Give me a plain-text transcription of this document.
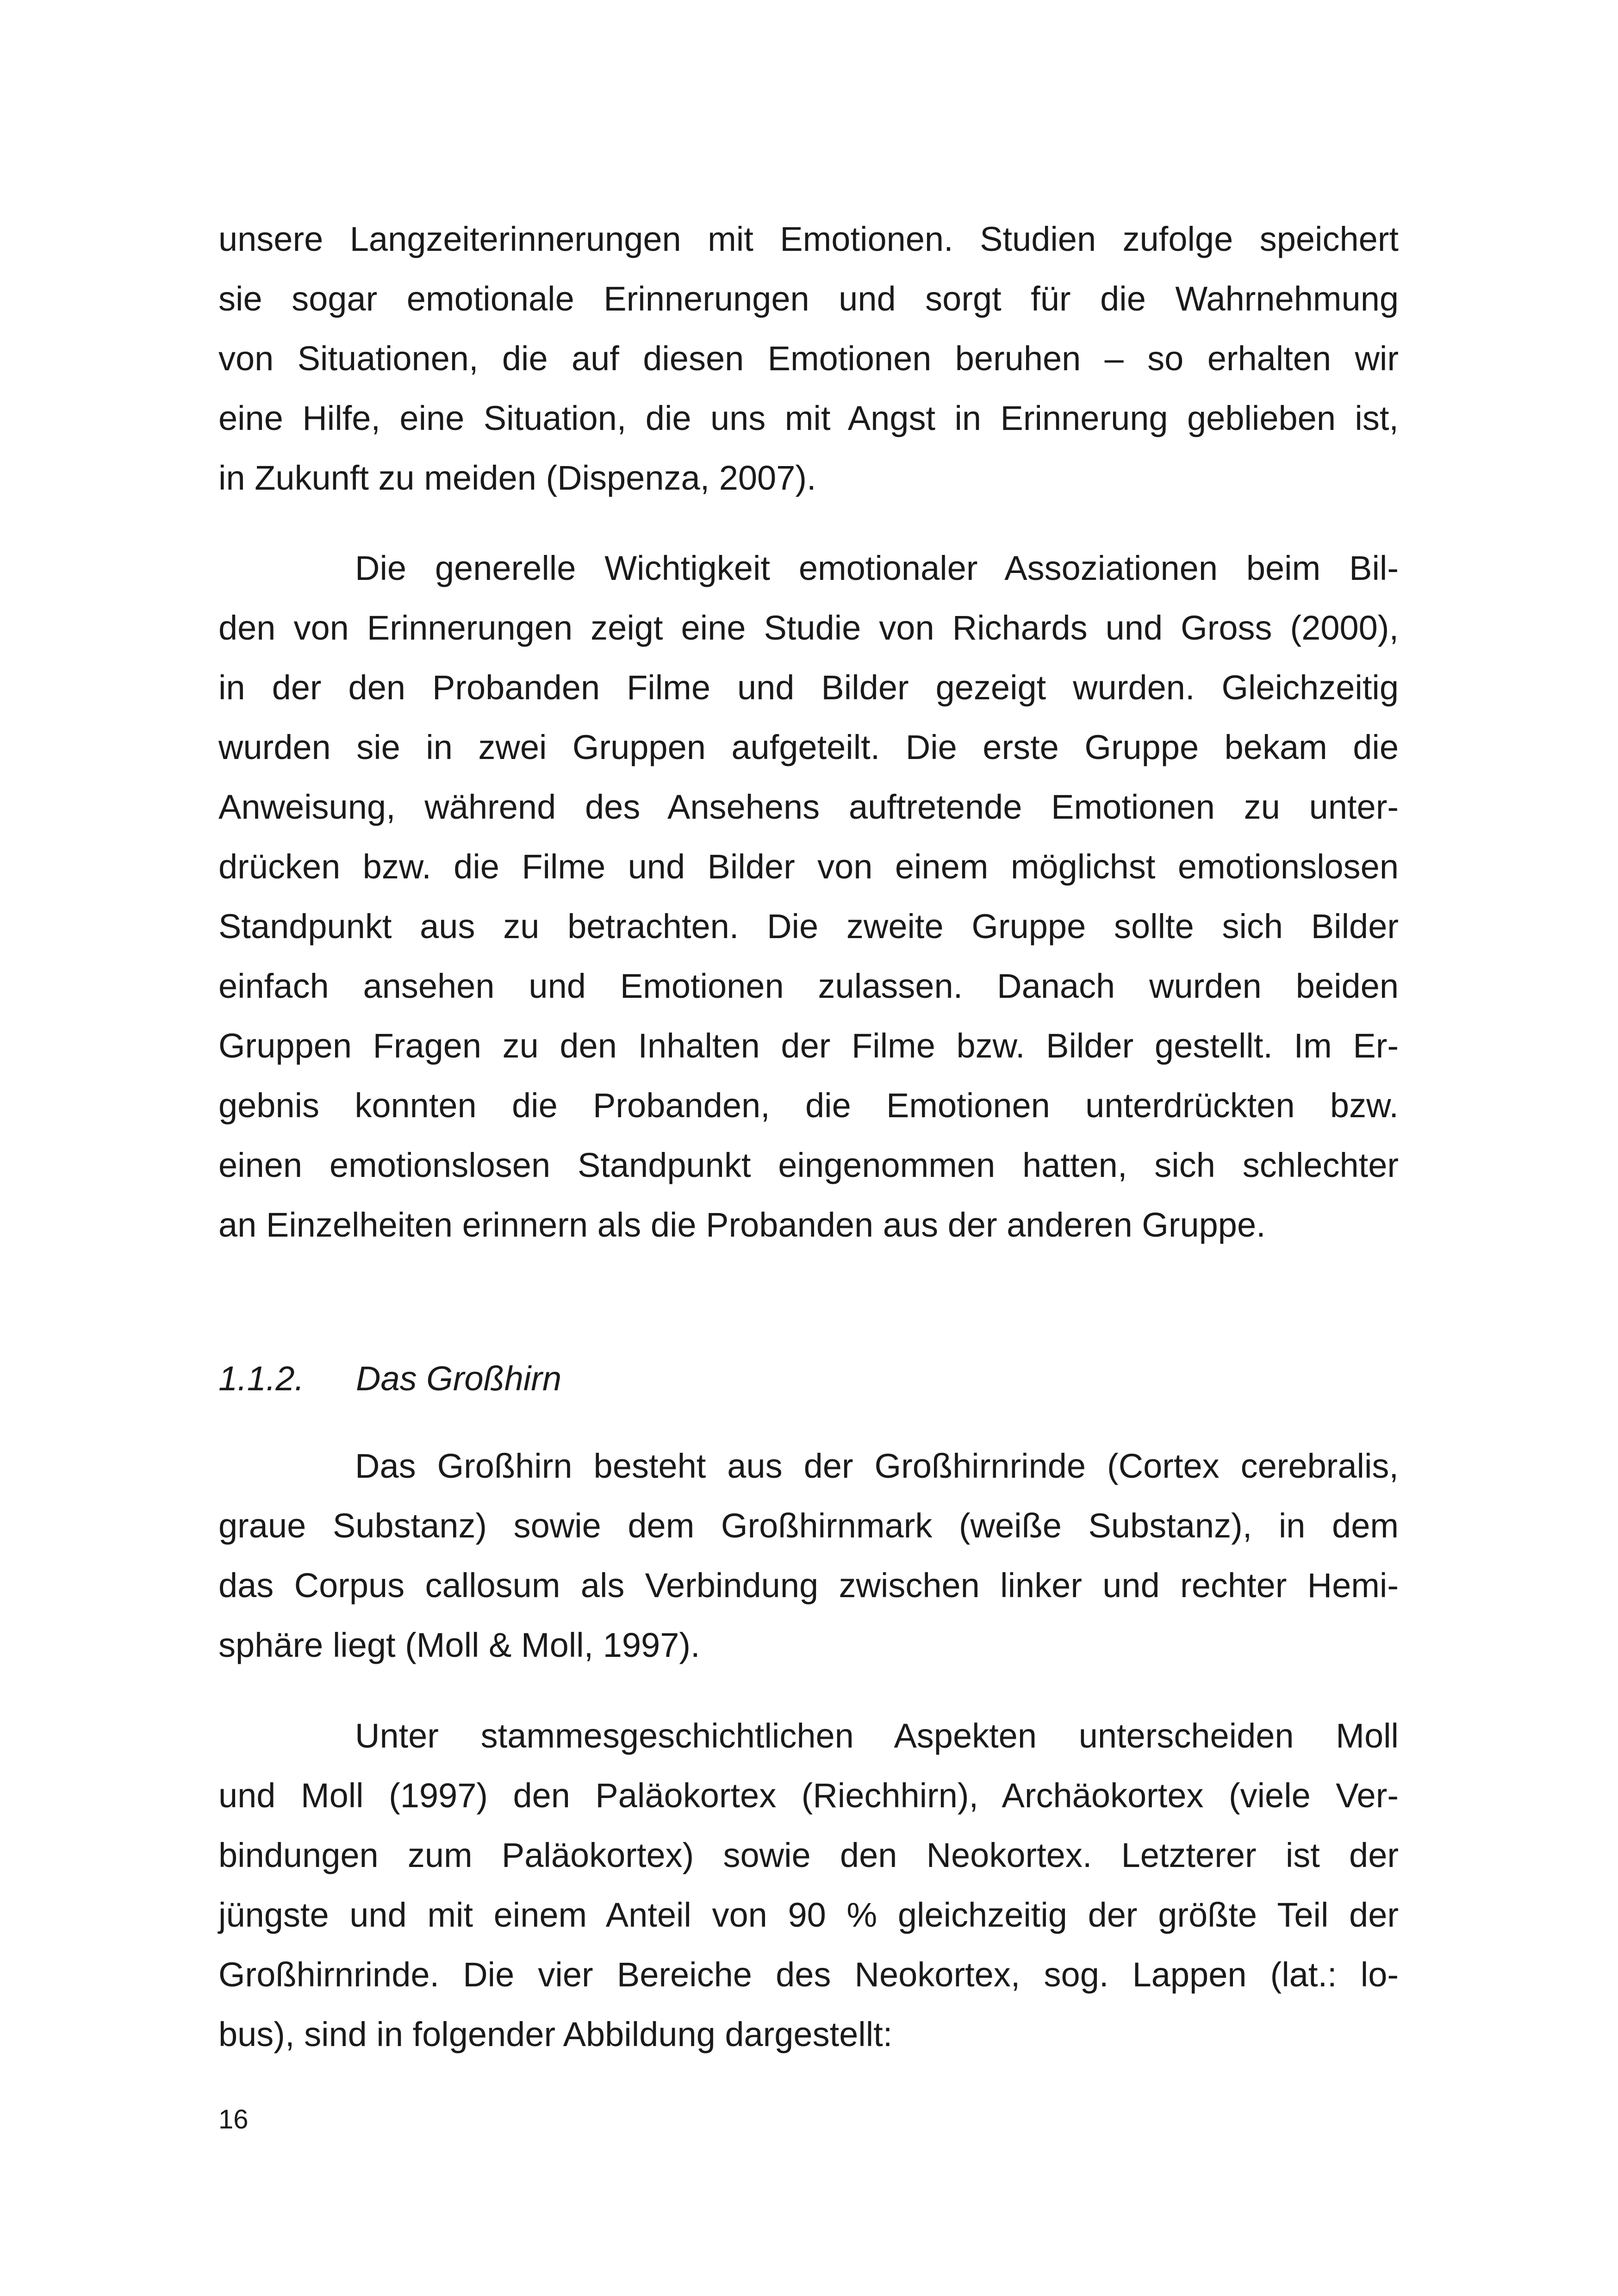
unsere Langzeiterinnerungen mit Emotionen. Studien zufolge speichert
sie sogar emotionale Erinnerungen und sorgt für die Wahrnehmung
von Situationen, die auf diesen Emotionen beruhen – so erhalten wir
eine Hilfe, eine Situation, die uns mit Angst in Erinnerung geblieben ist,
in Zukunft zu meiden (Dispenza, 2007).
Die generelle Wichtigkeit emotionaler Assoziationen beim Bil-
den von Erinnerungen zeigt eine Studie von Richards und Gross (2000),
in der den Probanden Filme und Bilder gezeigt wurden. Gleichzeitig
wurden sie in zwei Gruppen aufgeteilt. Die erste Gruppe bekam die
Anweisung, während des Ansehens auftretende Emotionen zu unter-
drücken bzw. die Filme und Bilder von einem möglichst emotionslosen
Standpunkt aus zu betrachten. Die zweite Gruppe sollte sich Bilder
einfach ansehen und Emotionen zulassen. Danach wurden beiden
Gruppen Fragen zu den Inhalten der Filme bzw. Bilder gestellt. Im Er-
gebnis konnten die Probanden, die Emotionen unterdrückten bzw.
einen emotionslosen Standpunkt eingenommen hatten, sich schlechter
an Einzelheiten erinnern als die Probanden aus der anderen Gruppe.
1.1.2. Das Großhirn
Das Großhirn besteht aus der Großhirnrinde (Cortex cerebralis,
graue Substanz) sowie dem Großhirnmark (weiße Substanz), in dem
das Corpus callosum als Verbindung zwischen linker und rechter Hemi-
sphäre liegt (Moll & Moll, 1997).
Unter stammesgeschichtlichen Aspekten unterscheiden Moll
und Moll (1997) den Paläokortex (Riechhirn), Archäokortex (viele Ver-
bindungen zum Paläokortex) sowie den Neokortex. Letzterer ist der
jüngste und mit einem Anteil von 90 % gleichzeitig der größte Teil der
Großhirnrinde. Die vier Bereiche des Neokortex, sog. Lappen (lat.: lo-
bus), sind in folgender Abbildung dargestellt:
16
